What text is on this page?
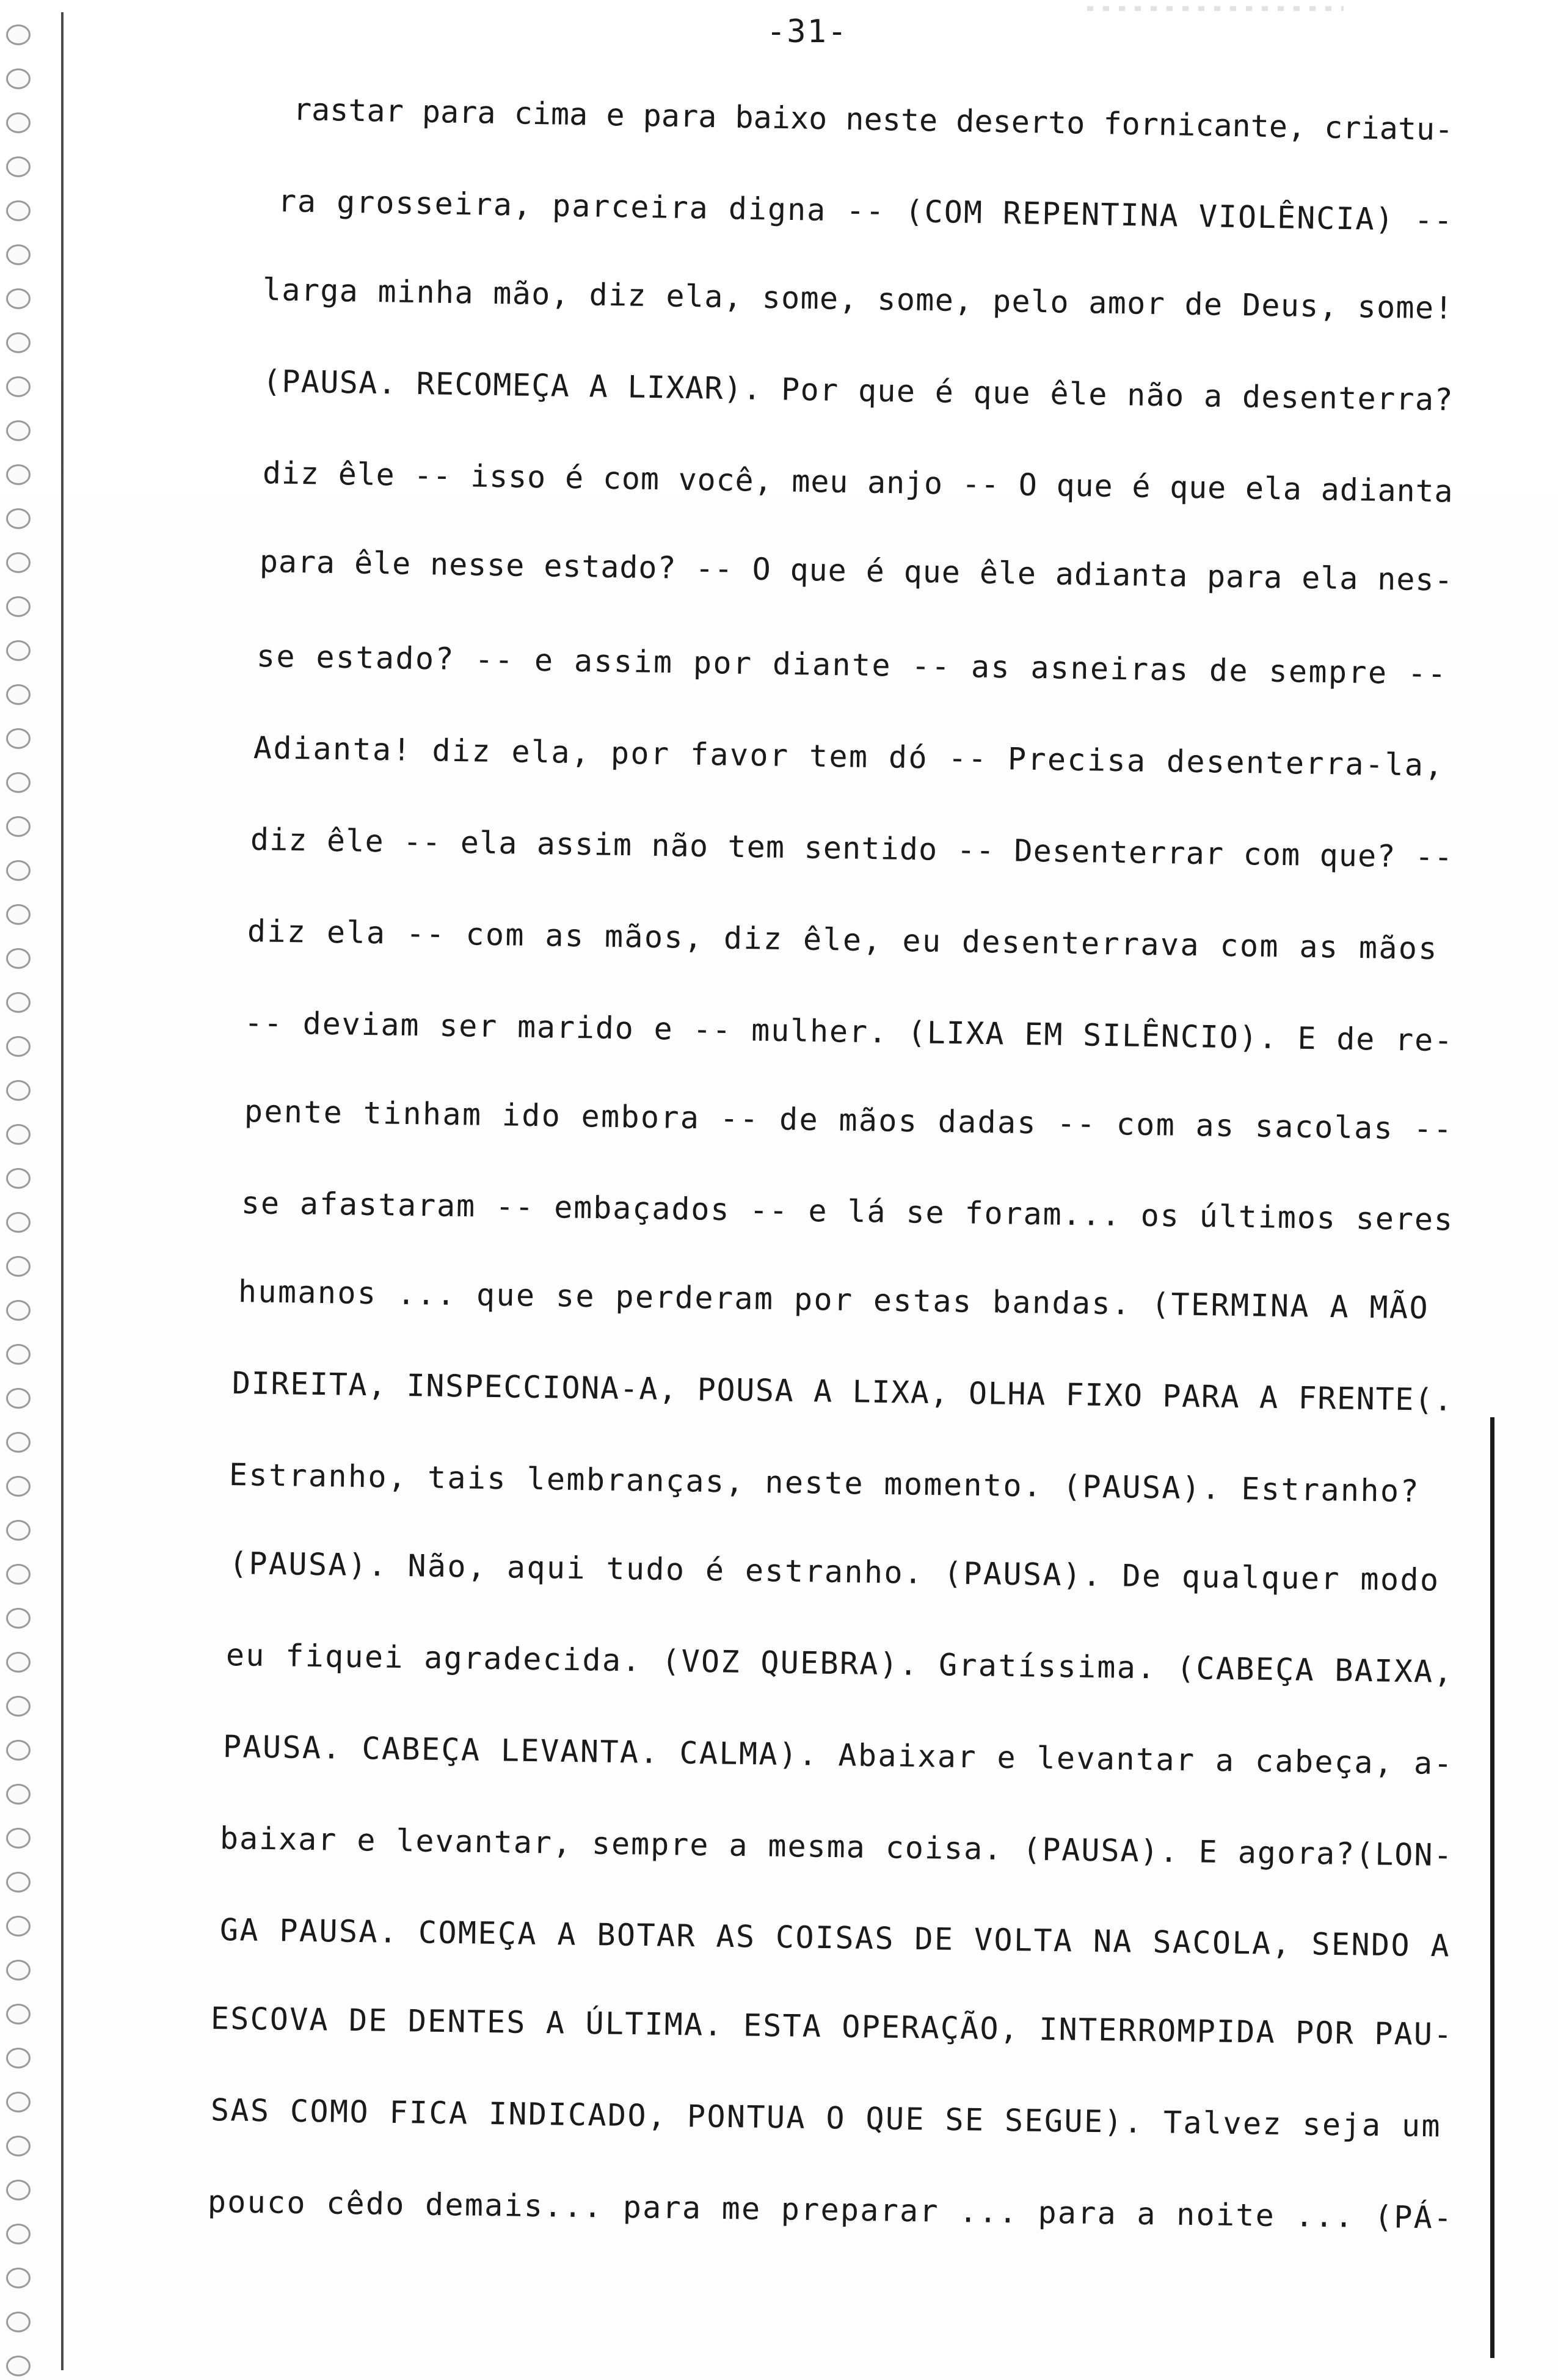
-31-
rastar para cima e para baixo neste deserto fornicante, criatu-
ra grosseira, parceira digna -- (COM REPENTINA VIOLÊNCIA) --
larga minha mão, diz ela, some, some, pelo amor de Deus, some!
(PAUSA. RECOMEÇA A LIXAR). Por que é que êle não a desenterra?
diz êle -- isso é com você, meu anjo -- O que é que ela adianta
para êle nesse estado? -- O que é que êle adianta para ela nes-
se estado? -- e assim por diante -- as asneiras de sempre --
Adianta! diz ela, por favor tem dó -- Precisa desenterra-la,
diz êle -- ela assim não tem sentido -- Desenterrar com que? --
diz ela -- com as mãos, diz êle, eu desenterrava com as mãos
-- deviam ser marido e -- mulher. (LIXA EM SILÊNCIO). E de re-
pente tinham ido embora -- de mãos dadas -- com as sacolas --
se afastaram -- embaçados -- e lá se foram... os últimos seres
humanos ... que se perderam por estas bandas. (TERMINA A MÃO
DIREITA, INSPECCIONA-A, POUSA A LIXA, OLHA FIXO PARA A FRENTE(.
Estranho, tais lembranças, neste momento. (PAUSA). Estranho?
(PAUSA). Não, aqui tudo é estranho. (PAUSA). De qualquer modo
eu fiquei agradecida. (VOZ QUEBRA). Gratíssima. (CABEÇA BAIXA,
PAUSA. CABEÇA LEVANTA. CALMA). Abaixar e levantar a cabeça, a-
baixar e levantar, sempre a mesma coisa. (PAUSA). E agora?(LON-
GA PAUSA. COMEÇA A BOTAR AS COISAS DE VOLTA NA SACOLA, SENDO A
ESCOVA DE DENTES A ÚLTIMA. ESTA OPERAÇÃO, INTERROMPIDA POR PAU-
SAS COMO FICA INDICADO, PONTUA O QUE SE SEGUE). Talvez seja um
pouco cêdo demais... para me preparar ... para a noite ... (PÁ-
